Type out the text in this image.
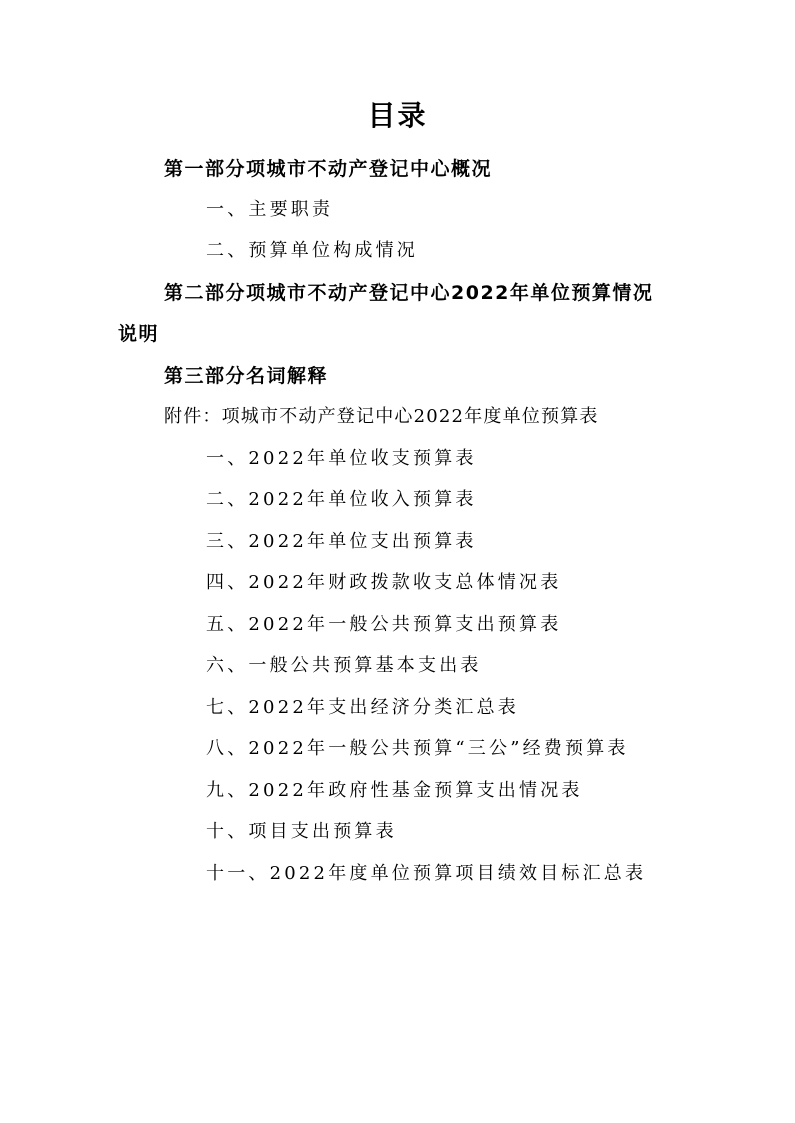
目录
第一部分项城市不动产登记中心概况
一、主要职责
二、预算单位构成情况
第二部分项城市不动产登记中心2022年单位预算情况
说明
第三部分名词解释
附件：项城市不动产登记中心2022年度单位预算表
一、2022年单位收支预算表
二、2022年单位收入预算表
三、2022年单位支出预算表
四、2022年财政拨款收支总体情况表
五、2022年一般公共预算支出预算表
六、一般公共预算基本支出表
七、2022年支出经济分类汇总表
八、2022年一般公共预算“三公”经费预算表
九、2022年政府性基金预算支出情况表
十、项目支出预算表
十一、2022年度单位预算项目绩效目标汇总表
